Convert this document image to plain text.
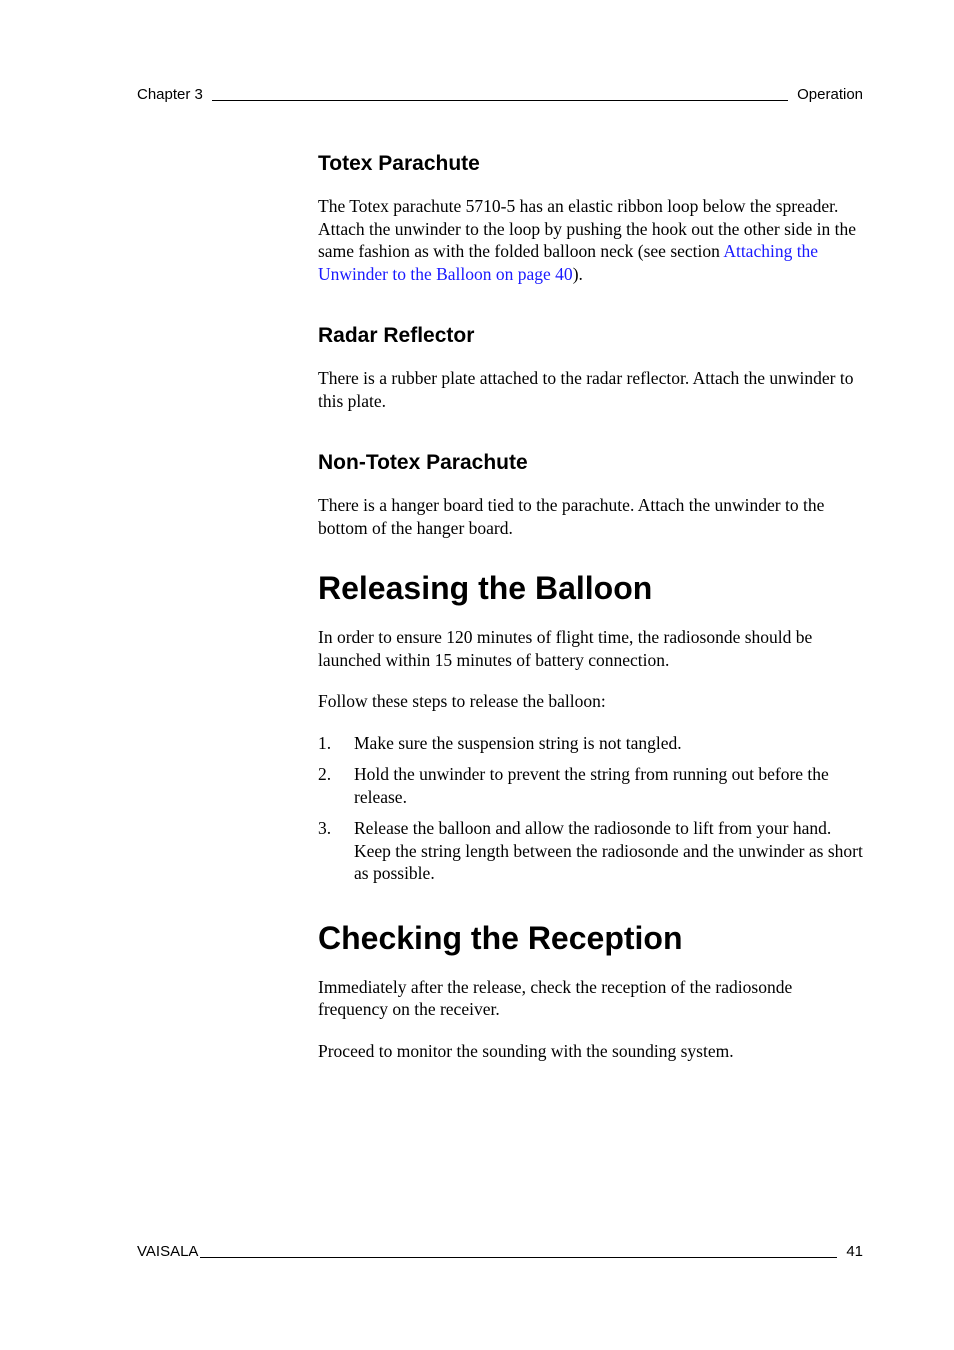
Chapter 3	Operation
Totex Parachute

The Totex parachute 5710-5 has an elastic ribbon loop below the spreader. Attach the unwinder to the loop by pushing the hook out the other side in the same fashion as with the folded balloon neck (see section Attaching the Unwinder to the Balloon on page 40).

Radar Reflector

There is a rubber plate attached to the radar reflector. Attach the unwinder to this plate.

Non-Totex Parachute

There is a hanger board tied to the parachute. Attach the unwinder to the bottom of the hanger board.

Releasing the Balloon

In order to ensure 120 minutes of flight time, the radiosonde should be launched within 15 minutes of battery connection.

Follow these steps to release the balloon:

1. Make sure the suspension string is not tangled.
2. Hold the unwinder to prevent the string from running out before the release.
3. Release the balloon and allow the radiosonde to lift from your hand. Keep the string length between the radiosonde and the unwinder as short as possible.
Checking the Reception

Immediately after the release, check the reception of the radiosonde frequency on the receiver.

Proceed to monitor the sounding with the sounding system.

VAISALA	41
